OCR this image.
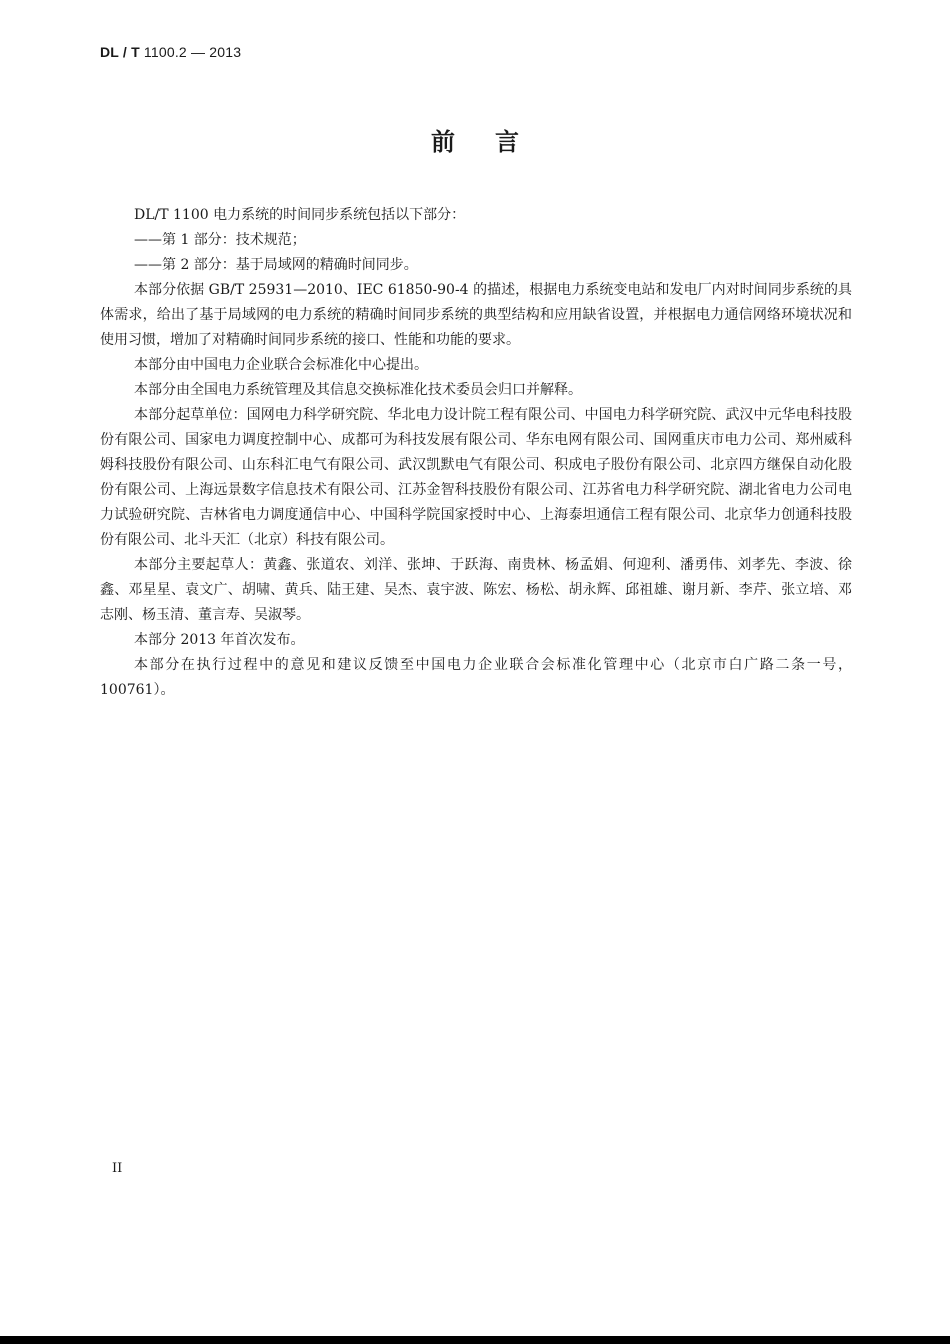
DL / T 1100.2 — 2013
前言

DL/T 1100 电力系统的时间同步系统包括以下部分：

——第 1 部分：技术规范；

——第 2 部分：基于局域网的精确时间同步。

本部分依据 GB/T 25931—2010、IEC 61850-90-4 的描述，根据电力系统变电站和发电厂内对时间同步系统的具体需求，给出了基于局域网的电力系统的精确时间同步系统的典型结构和应用缺省设置，并根据电力通信网络环境状况和使用习惯，增加了对精确时间同步系统的接口、性能和功能的要求。

本部分由中国电力企业联合会标准化中心提出。

本部分由全国电力系统管理及其信息交换标准化技术委员会归口并解释。

本部分起草单位：国网电力科学研究院、华北电力设计院工程有限公司、中国电力科学研究院、武汉中元华电科技股份有限公司、国家电力调度控制中心、成都可为科技发展有限公司、华东电网有限公司、国网重庆市电力公司、郑州威科姆科技股份有限公司、山东科汇电气有限公司、武汉凯默电气有限公司、积成电子股份有限公司、北京四方继保自动化股份有限公司、上海远景数字信息技术有限公司、江苏金智科技股份有限公司、江苏省电力科学研究院、湖北省电力公司电力试验研究院、吉林省电力调度通信中心、中国科学院国家授时中心、上海泰坦通信工程有限公司、北京华力创通科技股份有限公司、北斗天汇（北京）科技有限公司。

本部分主要起草人：黄鑫、张道农、刘洋、张坤、于跃海、南贵林、杨孟娟、何迎利、潘勇伟、刘孝先、李波、徐鑫、邓星星、袁文广、胡啸、黄兵、陆王建、吴杰、袁宇波、陈宏、杨松、胡永辉、邱祖雄、谢月新、李芹、张立培、邓志刚、杨玉清、董言寿、吴淑琴。

本部分 2013 年首次发布。

本部分在执行过程中的意见和建议反馈至中国电力企业联合会标准化管理中心（北京市白广路二条一号，100761）。

II
